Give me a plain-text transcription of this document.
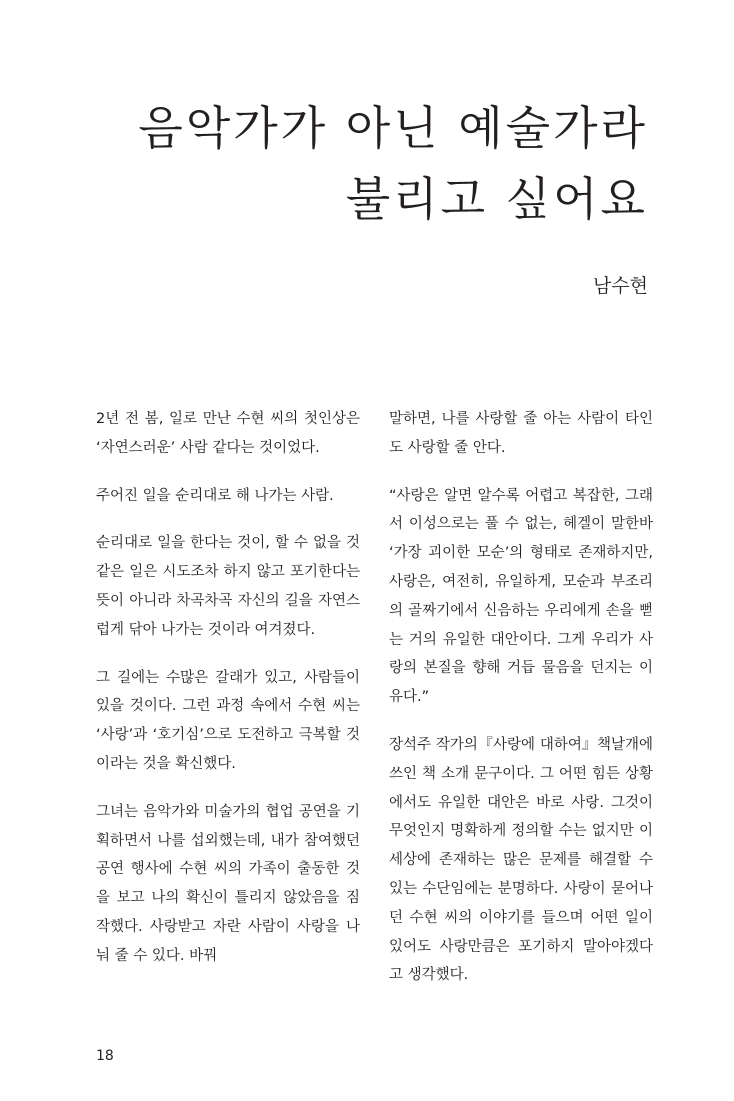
음악가가 아닌 예술가라
불리고 싶어요
남수현

2년 전 봄, 일로 만난 수현 씨의 첫인상은 ‘자연스러운’ 사람 같다는 것이었다.

주어진 일을 순리대로 해 나가는 사람.

순리대로 일을 한다는 것이, 할 수 없을 것 같은 일은 시도조차 하지 않고 포기한다는 뜻이 아니라 차곡차곡 자신의 길을 자연스럽게 닦아 나가는 것이라 여겨졌다.

그 길에는 수많은 갈래가 있고, 사람들이 있을 것이다. 그런 과정 속에서 수현 씨는 ‘사랑’과 ‘호기심’으로 도전하고 극복할 것이라는 것을 확신했다.

그녀는 음악가와 미술가의 협업 공연을 기획하면서 나를 섭외했는데, 내가 참여했던 공연 행사에 수현 씨의 가족이 출동한 것을 보고 나의 확신이 틀리지 않았음을 짐작했다. 사랑받고 자란 사람이 사랑을 나눠 줄 수 있다. 바꿔

말하면, 나를 사랑할 줄 아는 사람이 타인도 사랑할 줄 안다.

“사랑은 알면 알수록 어렵고 복잡한, 그래서 이성으로는 풀 수 없는, 헤겔이 말한바 ‘가장 괴이한 모순’의 형태로 존재하지만, 사랑은, 여전히, 유일하게, 모순과 부조리의 골짜기에서 신음하는 우리에게 손을 뻗는 거의 유일한 대안이다. 그게 우리가 사랑의 본질을 향해 거듭 물음을 던지는 이유다.”

장석주 작가의『사랑에 대하여』책날개에 쓰인 책 소개 문구이다. 그 어떤 힘든 상황에서도 유일한 대안은 바로 사랑. 그것이 무엇인지 명확하게 정의할 수는 없지만 이 세상에 존재하는 많은 문제를 해결할 수 있는 수단임에는 분명하다. 사랑이 묻어나던 수현 씨의 이야기를 들으며 어떤 일이 있어도 사랑만큼은 포기하지 말아야겠다고 생각했다.

18
